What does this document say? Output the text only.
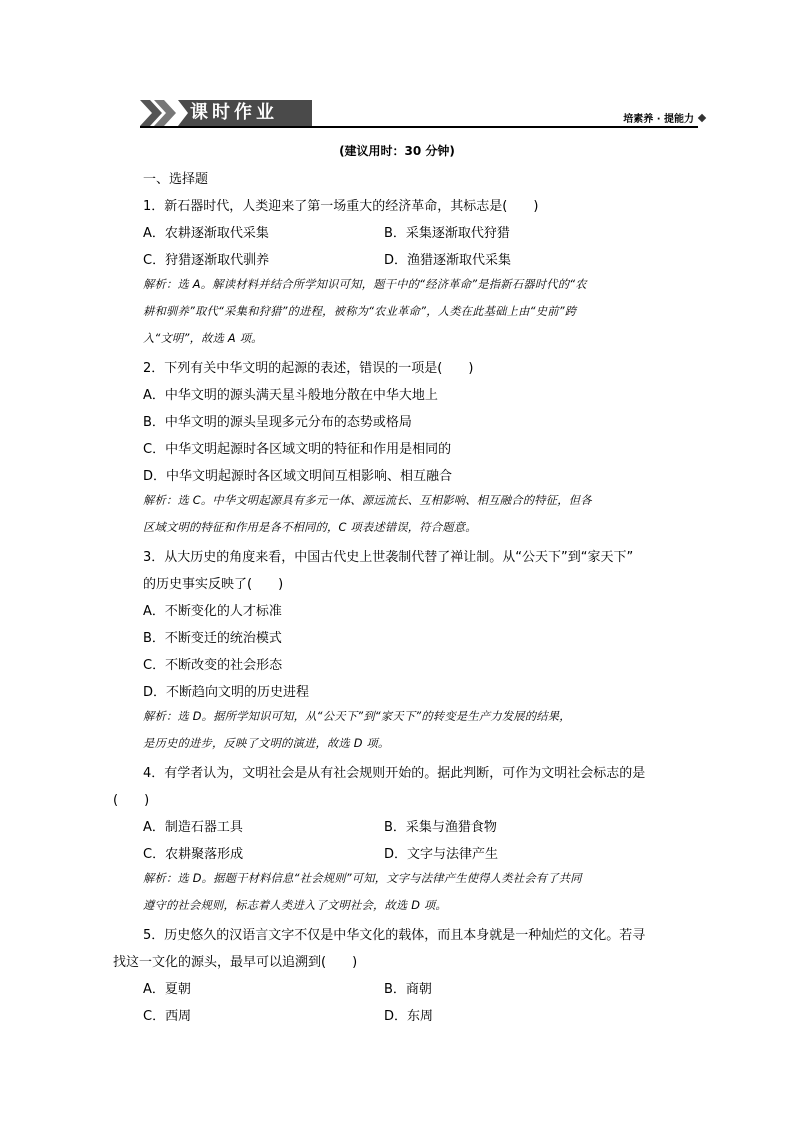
课时作业	培素养 · 提能力
(建议用时：30 分钟)
一、选择题
1．新石器时代，人类迎来了第一场重大的经济革命，其标志是(　　)
A．农耕逐渐取代采集	B．采集逐渐取代狩猎
C．狩猎逐渐取代驯养	D．渔猎逐渐取代采集
解析：选 A。解读材料并结合所学知识可知，题干中的“经济革命”是指新石器时代的“农
耕和驯养”取代“采集和狩猎”的进程，被称为“农业革命”，人类在此基础上由“史前”跨
入“文明”，故选 A 项。
2．下列有关中华文明的起源的表述，错误的一项是(　　)
A．中华文明的源头满天星斗般地分散在中华大地上
B．中华文明的源头呈现多元分布的态势或格局
C．中华文明起源时各区域文明的特征和作用是相同的
D．中华文明起源时各区域文明间互相影响、相互融合
解析：选 C。中华文明起源具有多元一体、源远流长、互相影响、相互融合的特征，但各
区域文明的特征和作用是各不相同的，C 项表述错误，符合题意。
3．从大历史的角度来看，中国古代史上世袭制代替了禅让制。从“公天下”到“家天下”
的历史事实反映了(　　)
A．不断变化的人才标准
B．不断变迁的统治模式
C．不断改变的社会形态
D．不断趋向文明的历史进程
解析：选 D。据所学知识可知，从“公天下”到“家天下”的转变是生产力发展的结果，
是历史的进步，反映了文明的演进，故选 D 项。
4．有学者认为，文明社会是从有社会规则开始的。据此判断，可作为文明社会标志的是
(　　)
A．制造石器工具	B．采集与渔猎食物
C．农耕聚落形成	D．文字与法律产生
解析：选 D。据题干材料信息“社会规则”可知，文字与法律产生使得人类社会有了共同
遵守的社会规则，标志着人类进入了文明社会，故选 D 项。
5．历史悠久的汉语言文字不仅是中华文化的载体，而且本身就是一种灿烂的文化。若寻
找这一文化的源头，最早可以追溯到(　　)
A．夏朝	B．商朝
C．西周	D．东周
